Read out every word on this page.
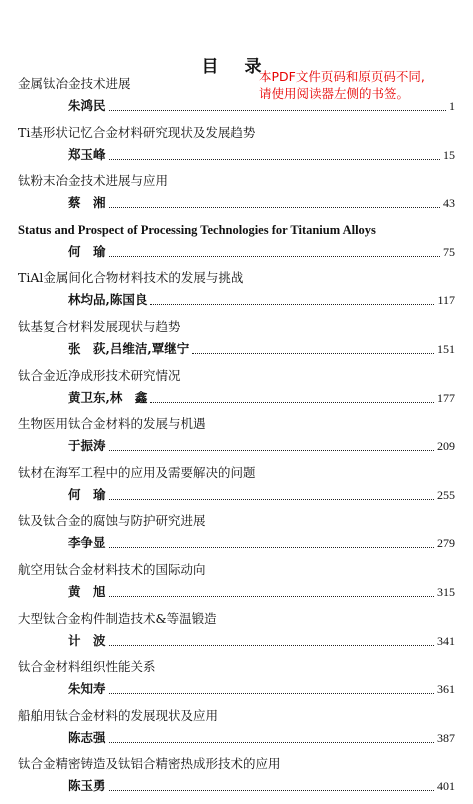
目 录
本PDF文件页码和原页码不同,
请使用阅读器左侧的书签。
金属钛冶金技术进展
朱鸿民	1
Ti基形状记忆合金材料研究现状及发展趋势
郑玉峰	15
钛粉末冶金技术进展与应用
蔡　湘	43
Status and Prospect of Processing Technologies for Titanium Alloys
何　瑜	75
TiAl金属间化合物材料技术的发展与挑战
林均品,陈国良	117
钛基复合材料发展现状与趋势
张　荻,吕维洁,覃继宁	151
钛合金近净成形技术研究情况
黄卫东,林　鑫	177
生物医用钛合金材料的发展与机遇
于振涛	209
钛材在海军工程中的应用及需要解决的问题
何　瑜	255
钛及钛合金的腐蚀与防护研究进展
李争显	279
航空用钛合金材料技术的国际动向
黄　旭	315
大型钛合金构件制造技术&等温锻造
计　波	341
钛合金材料组织性能关系
朱知寿	361
船舶用钛合金材料的发展现状及应用
陈志强	387
钛合金精密铸造及钛铝合精密热成形技术的应用
陈玉勇	401
